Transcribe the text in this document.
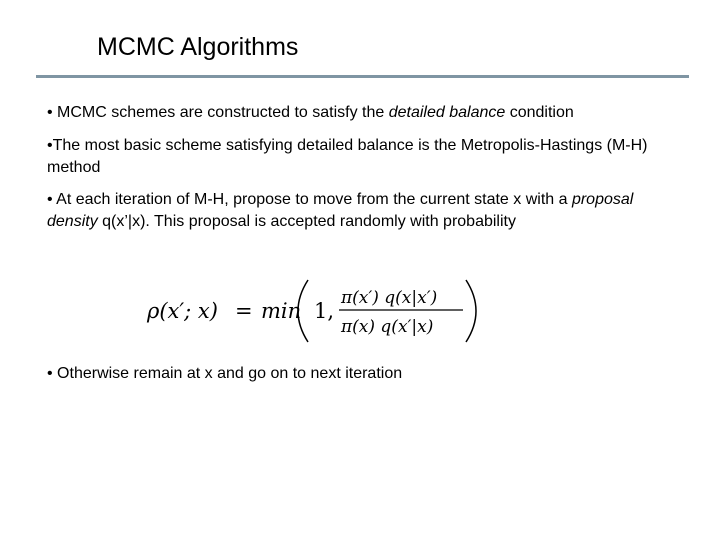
MCMC Algorithms
• MCMC schemes are constructed to satisfy the detailed balance condition
•The most basic scheme satisfying detailed balance is the Metropolis-Hastings (M-H) method
• At each iteration of M-H, propose to move from the current state x with a proposal density q(x’|x). This proposal is accepted randomly with probability
ρ(x′; x) = min 1,
π(x′) q(x|x′)
π(x) q(x′|x)
• Otherwise remain at x and go on to next iteration
